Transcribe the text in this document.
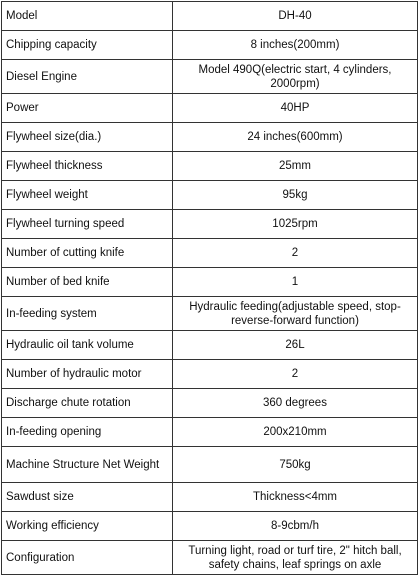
Model	DH-40
Chipping capacity	8 inches(200mm)
Diesel Engine	Model 490Q(electric start, 4 cylinders, 2000rpm)
Power	40HP
Flywheel size(dia.)	24 inches(600mm)
Flywheel thickness	25mm
Flywheel weight	95kg
Flywheel turning speed	1025rpm
Number of cutting knife	2
Number of bed knife	1
In-feeding system	Hydraulic feeding(adjustable speed, stop-reverse-forward function)
Hydraulic oil tank volume	26L
Number of hydraulic motor	2
Discharge chute rotation	360 degrees
In-feeding opening	200x210mm
Machine Structure Net Weight	750kg
Sawdust size	Thickness<4mm
Working efficiency	8-9cbm/h
Configuration	Turning light, road or turf tire, 2" hitch ball, safety chains, leaf springs on axle
